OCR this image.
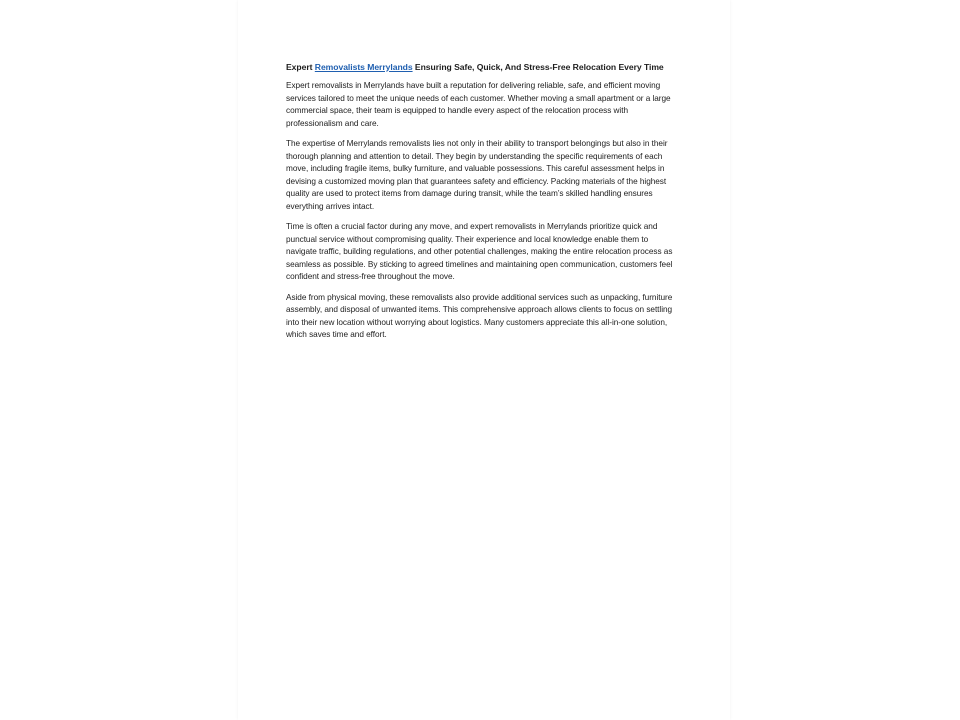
Expert Removalists Merrylands Ensuring Safe, Quick, And Stress-Free Relocation Every Time

Expert removalists in Merrylands have built a reputation for delivering reliable, safe, and efficient moving services tailored to meet the unique needs of each customer. Whether moving a small apartment or a large commercial space, their team is equipped to handle every aspect of the relocation process with professionalism and care.

The expertise of Merrylands removalists lies not only in their ability to transport belongings but also in their thorough planning and attention to detail. They begin by understanding the specific requirements of each move, including fragile items, bulky furniture, and valuable possessions. This careful assessment helps in devising a customized moving plan that guarantees safety and efficiency. Packing materials of the highest quality are used to protect items from damage during transit, while the team’s skilled handling ensures everything arrives intact.

Time is often a crucial factor during any move, and expert removalists in Merrylands prioritize quick and punctual service without compromising quality. Their experience and local knowledge enable them to navigate traffic, building regulations, and other potential challenges, making the entire relocation process as seamless as possible. By sticking to agreed timelines and maintaining open communication, customers feel confident and stress-free throughout the move.

Aside from physical moving, these removalists also provide additional services such as unpacking, furniture assembly, and disposal of unwanted items. This comprehensive approach allows clients to focus on settling into their new location without worrying about logistics. Many customers appreciate this all-in-one solution, which saves time and effort.
